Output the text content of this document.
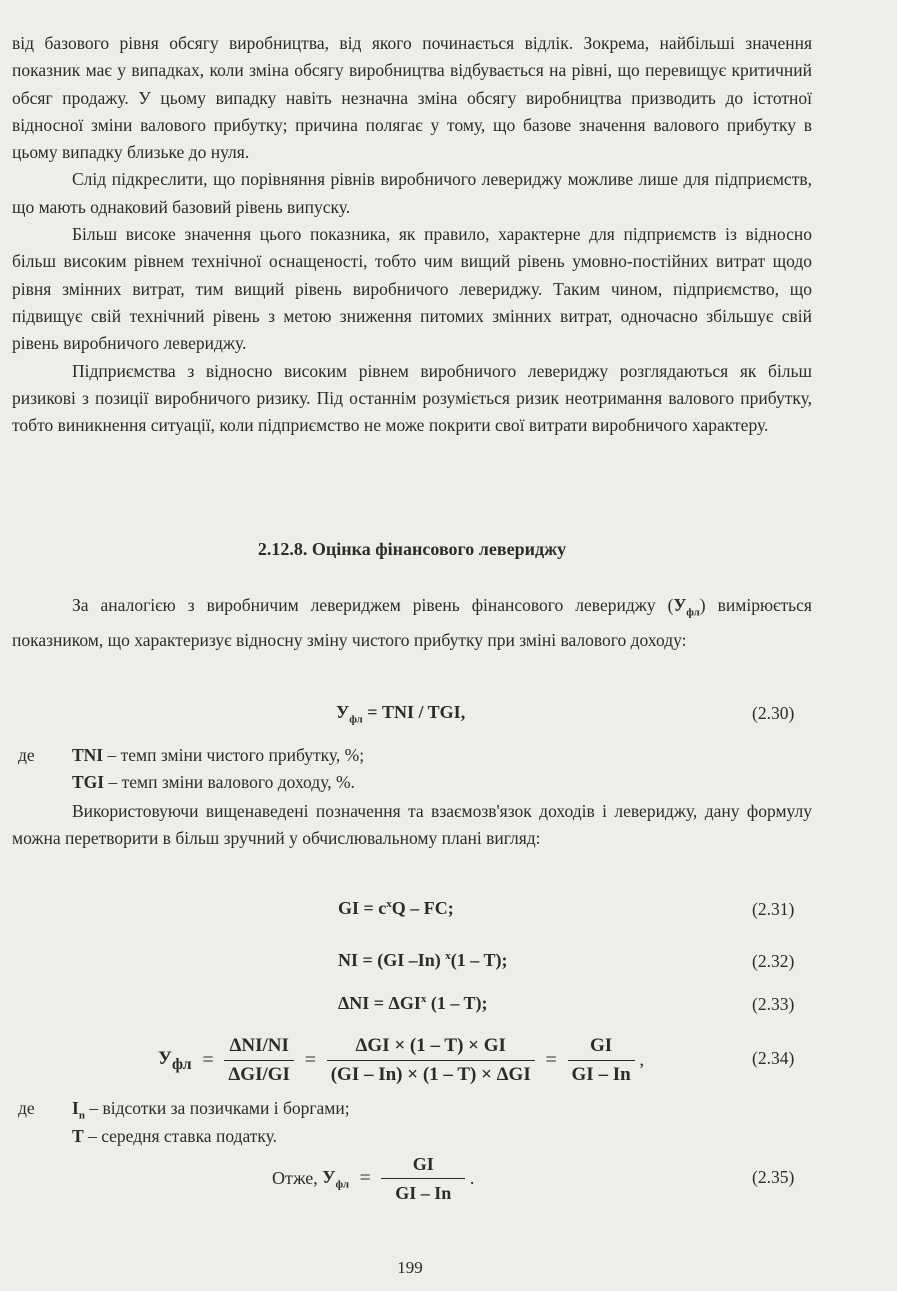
від базового рівня обсягу виробництва, від якого починається відлік. Зокрема, найбільші значення показник має у випадках, коли зміна обсягу виробництва відбувається на рівні, що перевищує критичний обсяг продажу. У цьому випадку навіть незначна зміна обсягу виробництва призводить до істотної відносної зміни валового прибутку; причина полягає у тому, що базове значення валового прибутку в цьому випадку близьке до нуля.

Слід підкреслити, що порівняння рівнів виробничого левериджу можливе лише для підприємств, що мають однаковий базовий рівень випуску.

Більш високе значення цього показника, як правило, характерне для підприємств із відносно більш високим рівнем технічної оснащеності, тобто чим вищий рівень умовно-постійних витрат щодо рівня змінних витрат, тим вищий рівень виробничого левериджу. Таким чином, підприємство, що підвищує свій технічний рівень з метою зниження питомих змінних витрат, одночасно збільшує свій рівень виробничого левериджу.

Підприємства з відносно високим рівнем виробничого левериджу розглядаються як більш ризикові з позиції виробничого ризику. Під останнім розуміється ризик неотримання валового прибутку, тобто виникнення ситуації, коли підприємство не може покрити свої витрати виробничого характеру.

2.12.8. Оцінка фінансового левериджу

За аналогією з виробничим левериджем рівень фінансового левериджу $(У_{фл})$ вимірюється показником, що характеризує відносну зміну чистого прибутку при зміні валового доходу:

$У_{фл}$ = TNI / TGI,	(2.30)
де TNI – темп зміни чистого прибутку, %;
TGI – темп зміни валового доходу, %.

Використовуючи вищенаведені позначення та взаємозв'язок доходів і левериджу, дану формулу можна перетворити в більш зручний у обчислювальному плані вигляд:

GI = $c^xQ$ – FC;	(2.31)
NI = (GI –In) $^x$(1 – T);	(2.32)
$\Delta NI = \Delta GI^x$ (1 – T);	(2.33)
$У_{фл} = \frac{\text{ΔNI/NI}}{\text{ΔGI/GI}} = \frac{\text{ΔGI × (1 – T) × GI}}{\text{(GI – In) × (1 – T) × ΔGI}} = \frac{GI}{GI - In}$ ,	(2.34)
де $I_n$ – відсотки за позичками і боргами;
T – середня ставка податку.
Отже, $У_{фл} = \frac{GI}{GI - In}$ .	(2.35)
199
